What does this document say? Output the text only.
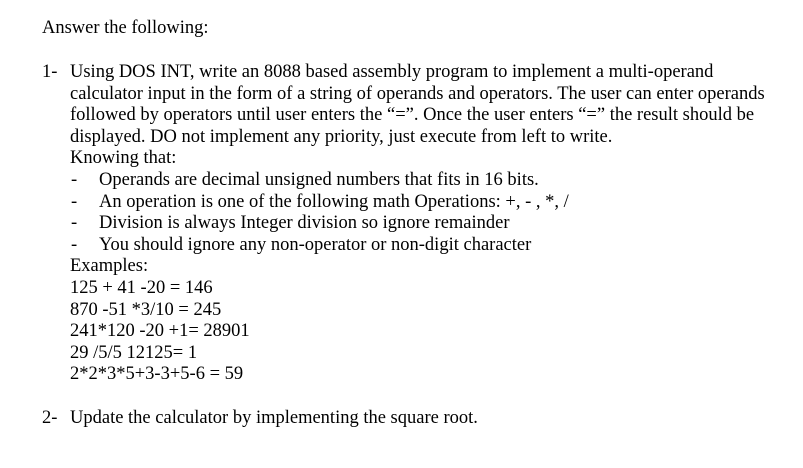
Answer the following:
1- Using DOS INT, write an 8088 based assembly program to implement a multi-operand calculator input in the form of a string of operands and operators. The user can enter operands followed by operators until user enters the “=”. Once the user enters “=” the result should be displayed. DO not implement any priority, just execute from left to write.

Knowing that:

-	Operands are decimal unsigned numbers that fits in 16 bits.
-	An operation is one of the following math Operations: +, - , *, /
-	Division is always Integer division so ignore remainder
-	You should ignore any non-operator or non-digit character

Examples:

125 + 41 -20 = 146
870 -51 *3/10 = 245
241*120 -20 +1= 28901
29 /5/5 12125= 1
2*2*3*5+3-3+5-6 = 59
2- Update the calculator by implementing the square root.
